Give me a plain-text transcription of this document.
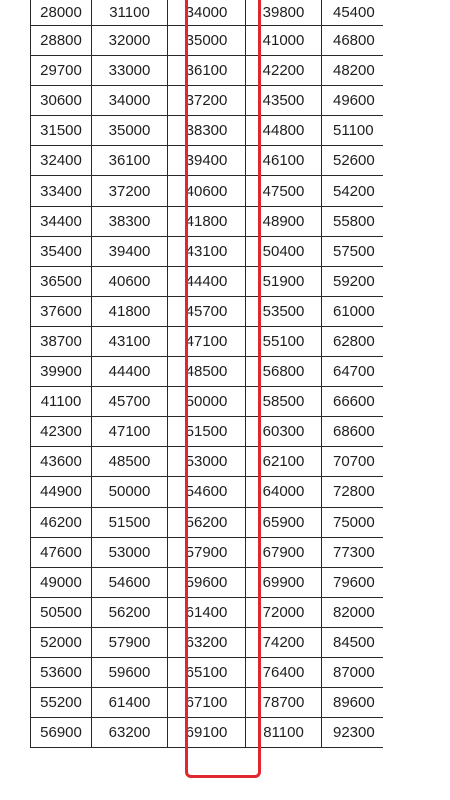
28000	31100	34000	39800	45400
28800	32000	35000	41000	46800
29700	33000	36100	42200	48200
30600	34000	37200	43500	49600
31500	35000	38300	44800	51100
32400	36100	39400	46100	52600
33400	37200	40600	47500	54200
34400	38300	41800	48900	55800
35400	39400	43100	50400	57500
36500	40600	44400	51900	59200
37600	41800	45700	53500	61000
38700	43100	47100	55100	62800
39900	44400	48500	56800	64700
41100	45700	50000	58500	66600
42300	47100	51500	60300	68600
43600	48500	53000	62100	70700
44900	50000	54600	64000	72800
46200	51500	56200	65900	75000
47600	53000	57900	67900	77300
49000	54600	59600	69900	79600
50500	56200	61400	72000	82000
52000	57900	63200	74200	84500
53600	59600	65100	76400	87000
55200	61400	67100	78700	89600
56900	63200	69100	81100	92300
